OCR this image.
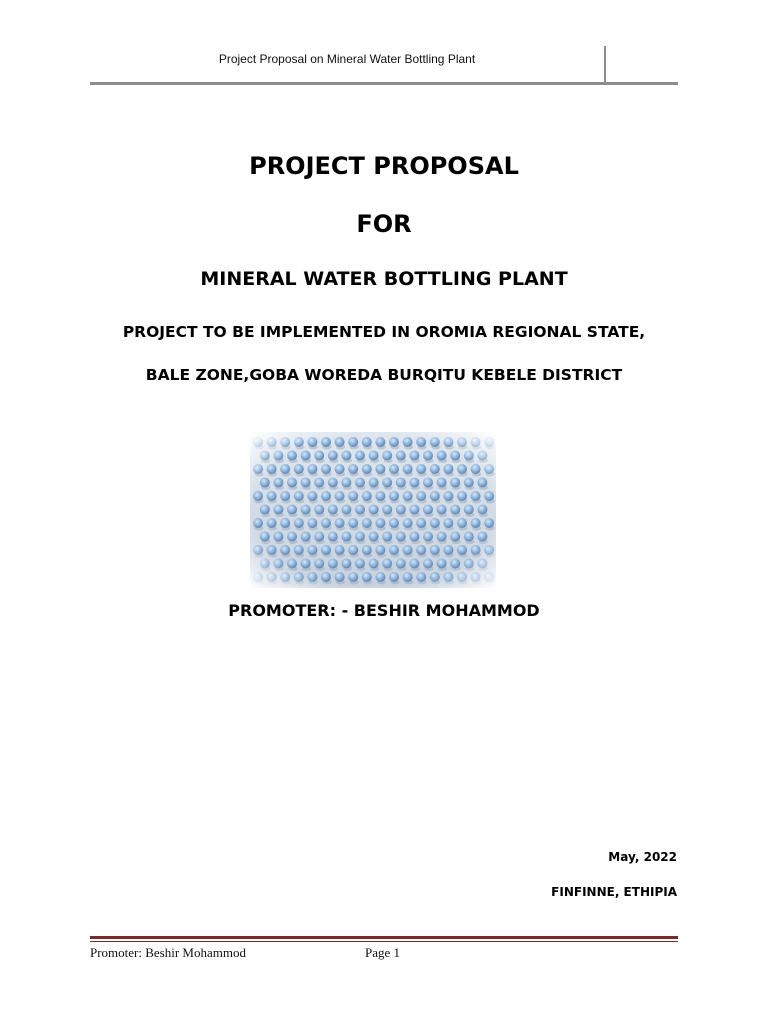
Project Proposal on Mineral Water Bottling Plant
PROJECT PROPOSAL
FOR
MINERAL WATER BOTTLING PLANT
PROJECT TO BE IMPLEMENTED IN OROMIA REGIONAL STATE,
BALE ZONE,GOBA WOREDA BURQITU KEBELE DISTRICT
PROMOTER: - BESHIR MOHAMMOD
May, 2022
FINFINNE, ETHIPIA
Promoter: Beshir Mohammod	Page 1
